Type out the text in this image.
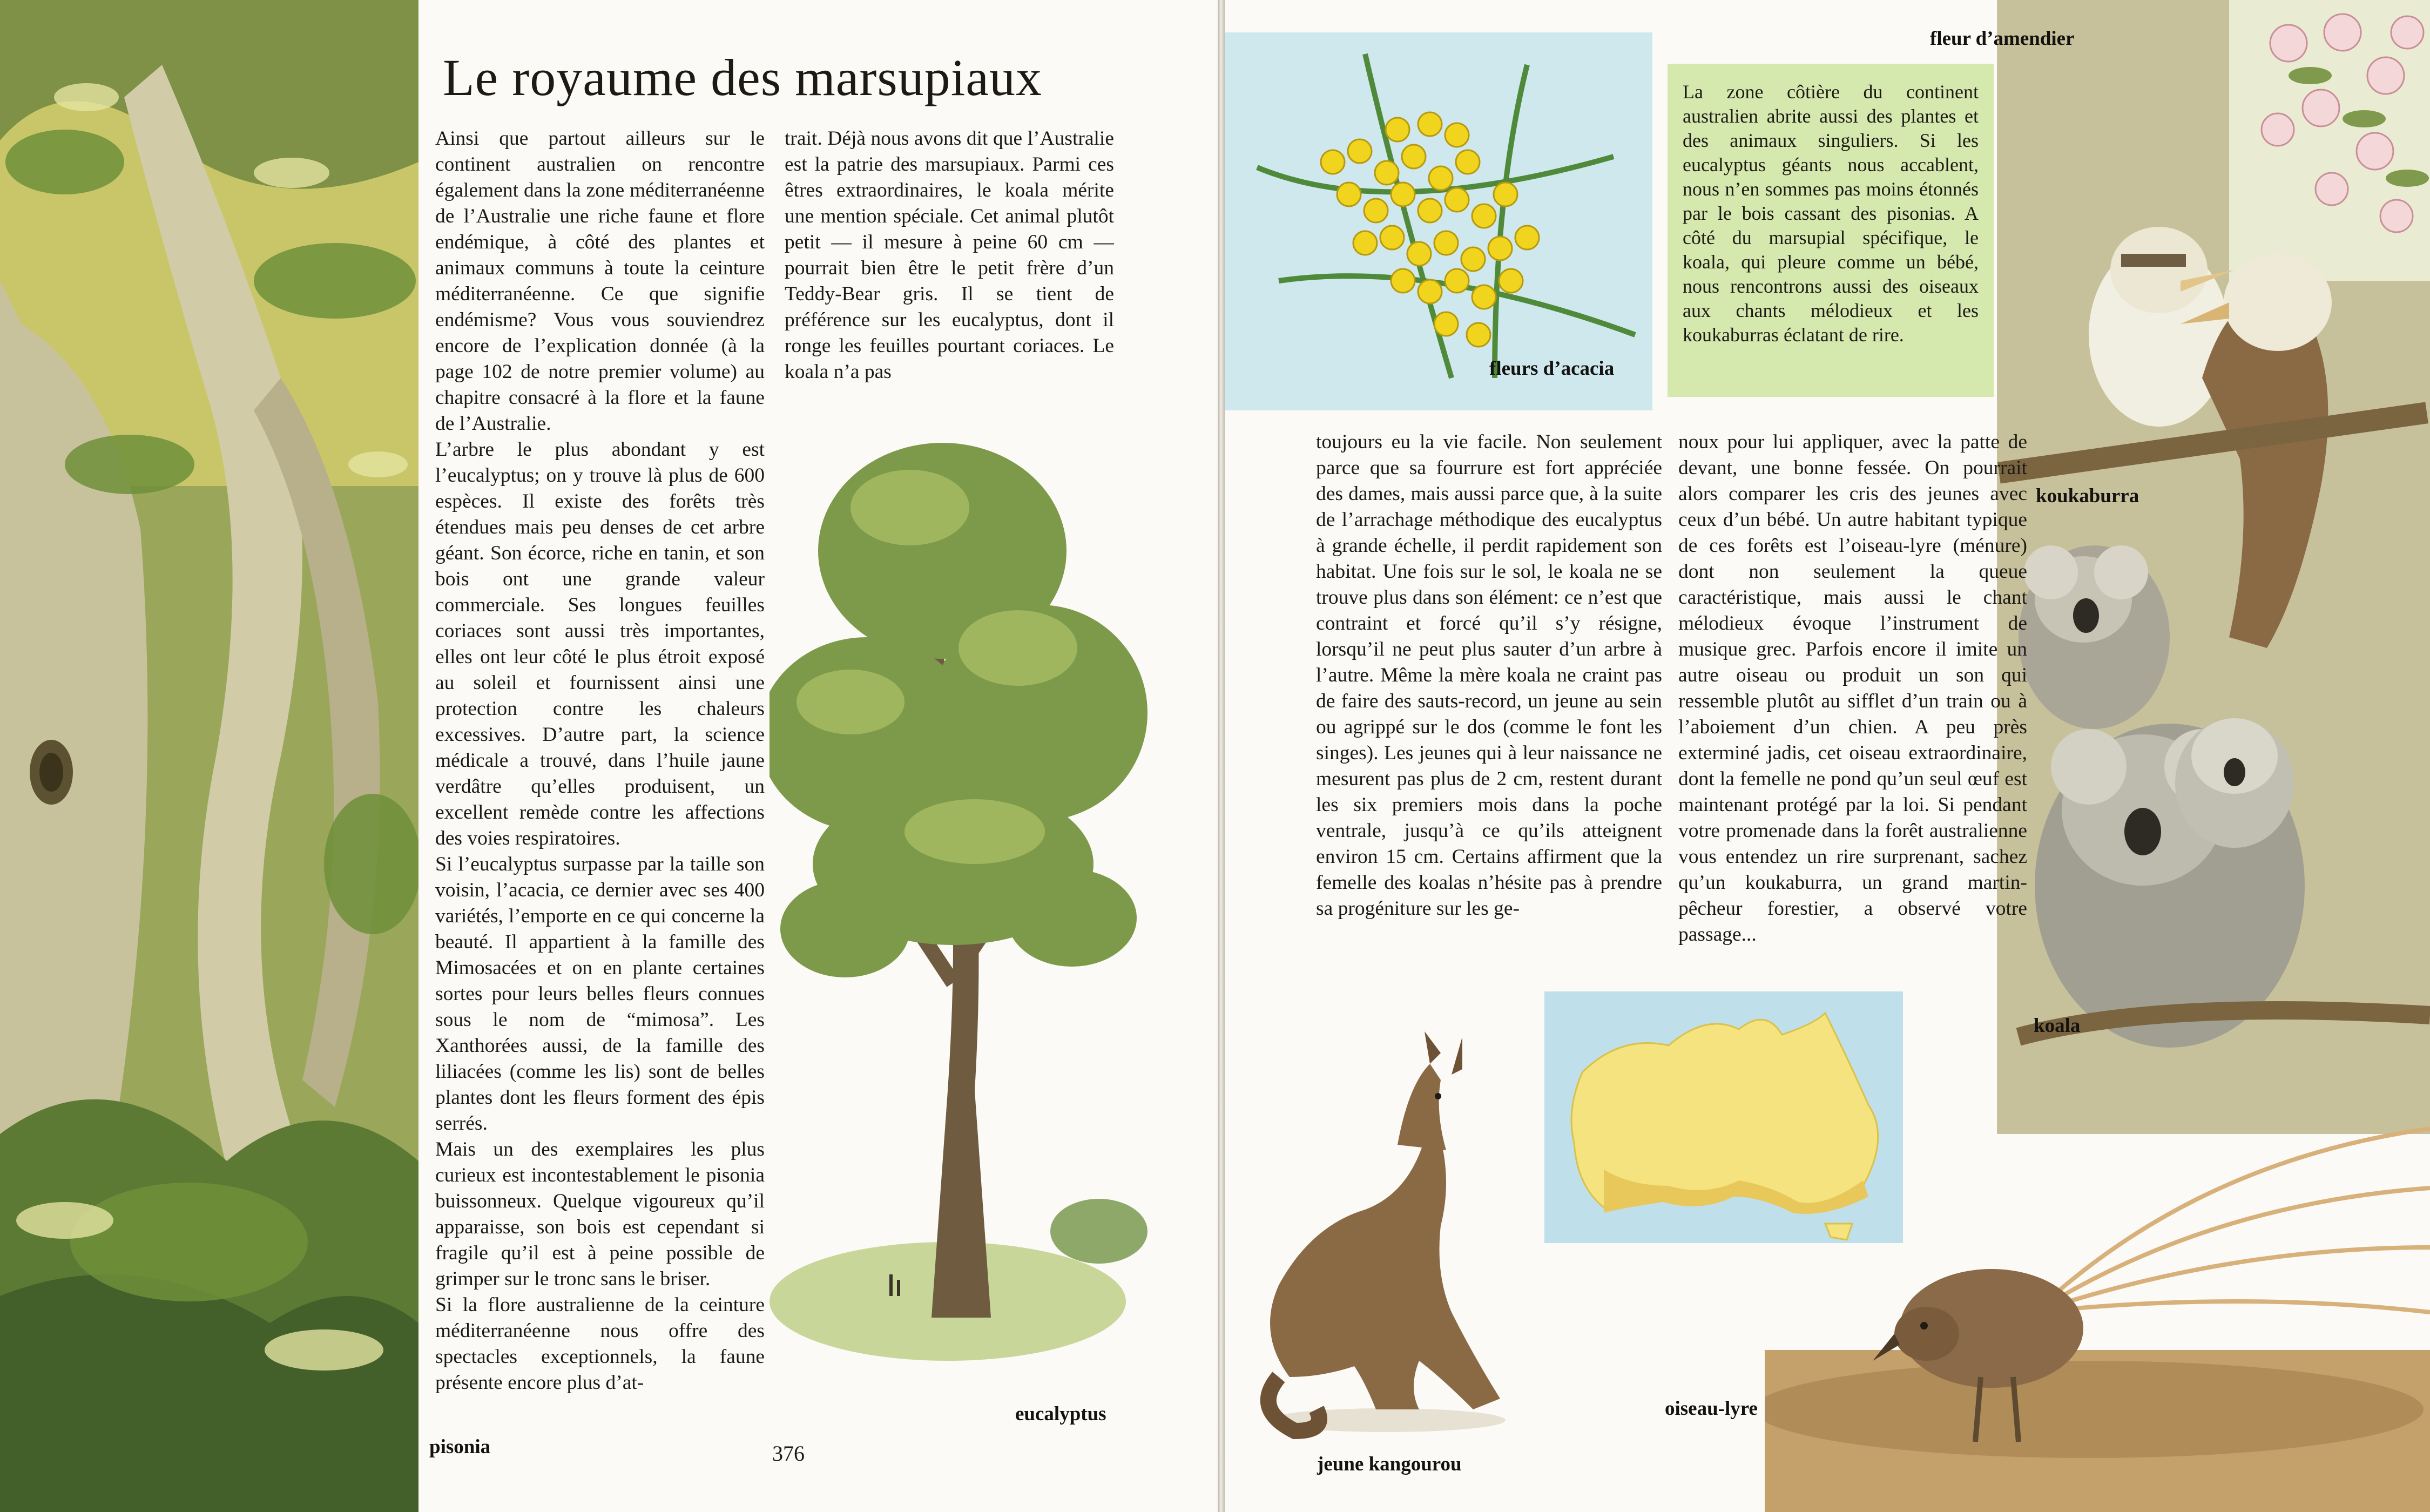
Le royaume des marsupiaux

Ainsi que partout ailleurs sur le continent australien on rencontre également dans la zone méditerranéenne de l’Australie une riche faune et flore endémique, à côté des plantes et animaux communs à toute la ceinture méditerranéenne. Ce que signifie endémisme? Vous vous souviendrez encore de l’explication donnée (à la page 102 de notre premier volume) au chapitre consacré à la flore et la faune de l’Australie.

L’arbre le plus abondant y est l’eucalyptus; on y trouve là plus de 600 espèces. Il existe des forêts très étendues mais peu denses de cet arbre géant. Son écorce, riche en tanin, et son bois ont une grande valeur commerciale. Ses longues feuilles coriaces sont aussi très importantes, elles ont leur côté le plus étroit exposé au soleil et fournissent ainsi une protection contre les chaleurs excessives. D’autre part, la science médicale a trouvé, dans l’huile jaune verdâtre qu’elles produisent, un excellent remède contre les affections des voies respiratoires.

Si l’eucalyptus surpasse par la taille son voisin, l’acacia, ce dernier avec ses 400 variétés, l’emporte en ce qui concerne la beauté. Il appartient à la famille des Mimosacées et on en plante certaines sortes pour leurs belles fleurs connues sous le nom de “mimosa”. Les Xanthorées aussi, de la famille des liliacées (comme les lis) sont de belles plantes dont les fleurs forment des épis serrés.

Mais un des exemplaires les plus curieux est incontestablement le pisonia buissonneux. Quelque vigoureux qu’il apparaisse, son bois est cependant si fragile qu’il est à peine possible de grimper sur le tronc sans le briser.

Si la flore australienne de la ceinture méditerranéenne nous offre des spectacles exceptionnels, la faune présente encore plus d’at-

trait. Déjà nous avons dit que l’Australie est la patrie des marsupiaux. Parmi ces êtres extraordinaires, le koala mérite une mention spéciale. Cet animal plutôt petit — il mesure à peine 60 cm — pourrait bien être le petit frère d’un Teddy-Bear gris. Il se tient de préférence sur les eucalyptus, dont il ronge les feuilles pourtant coriaces. Le koala n’a pas

pisonia	376
eucalyptus
fleurs d’acacia
fleur d’amendier
koukaburra
koala
La zone côtière du continent australien abrite aussi des plantes et des animaux singuliers. Si les eucalyptus géants nous accablent, nous n’en sommes pas moins étonnés par le bois cassant des pisonias. A côté du marsupial spécifique, le koala, qui pleure comme un bébé, nous rencontrons aussi des oiseaux aux chants mélodieux et les koukaburras éclatant de rire.

toujours eu la vie facile. Non seulement parce que sa fourrure est fort appréciée des dames, mais aussi parce que, à la suite de l’arrachage méthodique des eucalyptus à grande échelle, il perdit rapidement son habitat. Une fois sur le sol, le koala ne se trouve plus dans son élément: ce n’est que contraint et forcé qu’il s’y résigne, lorsqu’il ne peut plus sauter d’un arbre à l’autre. Même la mère koala ne craint pas de faire des sauts-record, un jeune au sein ou agrippé sur le dos (comme le font les singes). Les jeunes qui à leur naissance ne mesurent pas plus de 2 cm, restent durant les six premiers mois dans la poche ventrale, jusqu’à ce qu’ils atteignent environ 15 cm. Certains affirment que la femelle des koalas n’hésite pas à prendre sa progéniture sur les ge-

noux pour lui appliquer, avec la patte de devant, une bonne fessée. On pourrait alors comparer les cris des jeunes avec ceux d’un bébé. Un autre habitant typique de ces forêts est l’oiseau-lyre (ménure) dont non seulement la queue caractéristique, mais aussi le chant mélodieux évoque l’instrument de musique grec. Parfois encore il imite un autre oiseau ou produit un son qui ressemble plutôt au sifflet d’un train ou à l’aboiement d’un chien. A peu près exterminé jadis, cet oiseau extraordinaire, dont la femelle ne pond qu’un seul œuf est maintenant protégé par la loi. Si pendant votre promenade dans la forêt australienne vous entendez un rire surprenant, sachez qu’un koukaburra, un grand martin-pêcheur forestier, a observé votre passage...

jeune kangourou
oiseau-lyre
